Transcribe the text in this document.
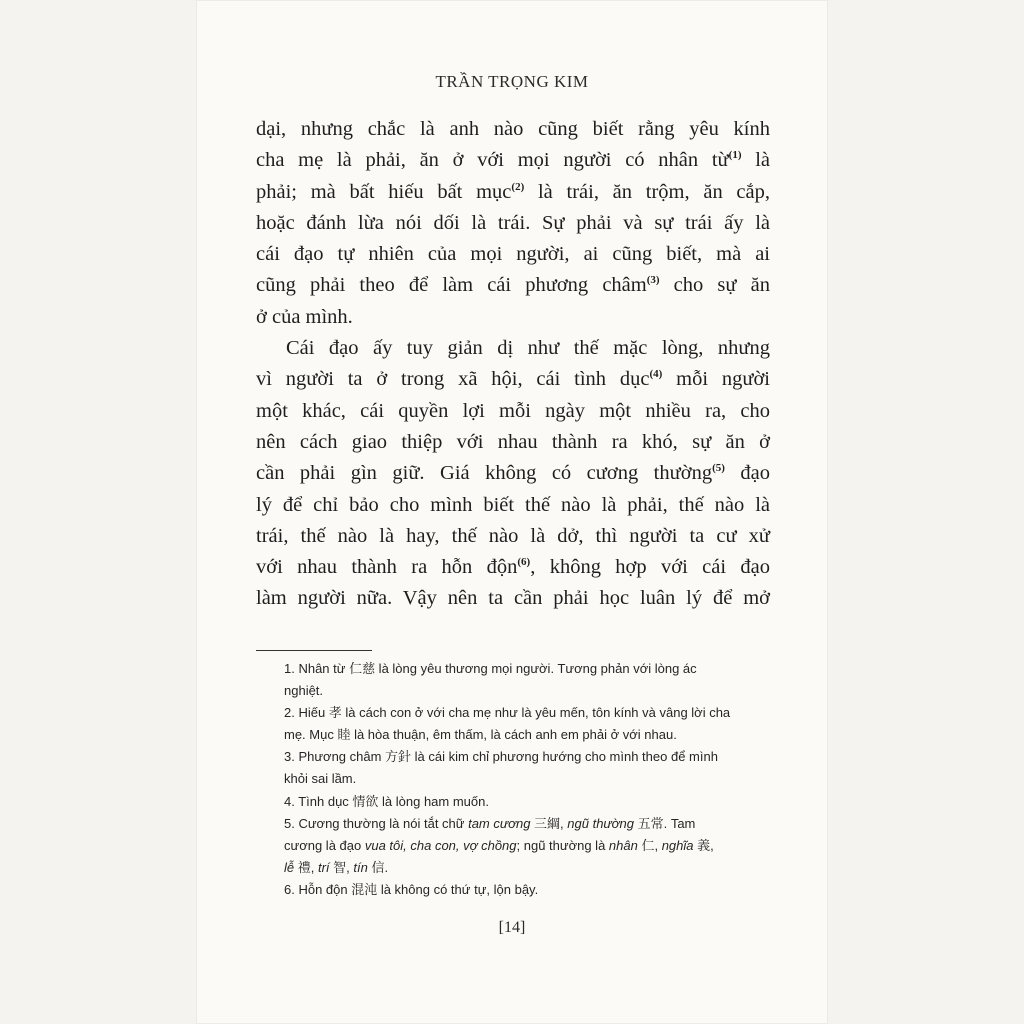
TRẦN TRỌNG KIM
dại, nhưng chắc là anh nào cũng biết rằng yêu kính
cha mẹ là phải, ăn ở với mọi người có nhân từ$^{(1)}$ là
phải; mà bất hiếu bất mục$^{(2)}$ là trái, ăn trộm, ăn cắp,
hoặc đánh lừa nói dối là trái. Sự phải và sự trái ấy là
cái đạo tự nhiên của mọi người, ai cũng biết, mà ai
cũng phải theo để làm cái phương châm$^{(3)}$ cho sự ăn
ở của mình.
Cái đạo ấy tuy giản dị như thế mặc lòng, nhưng
vì người ta ở trong xã hội, cái tình dục$^{(4)}$ mỗi người
một khác, cái quyền lợi mỗi ngày một nhiều ra, cho
nên cách giao thiệp với nhau thành ra khó, sự ăn ở
cần phải gìn giữ. Giá không có cương thường$^{(5)}$ đạo
lý để chỉ bảo cho mình biết thế nào là phải, thế nào là
trái, thế nào là hay, thế nào là dở, thì người ta cư xử
với nhau thành ra hỗn độn$^{(6)}$, không hợp với cái đạo
làm người nữa. Vậy nên ta cần phải học luân lý để mở
1. Nhân từ 仁慈 là lòng yêu thương mọi người. Tương phản với lòng ác
nghiệt.
2. Hiếu 孝 là cách con ở với cha mẹ như là yêu mến, tôn kính và vâng lời cha
mẹ. Mục 睦 là hòa thuận, êm thấm, là cách anh em phải ở với nhau.
3. Phương châm 方針 là cái kim chỉ phương hướng cho mình theo để mình
khỏi sai lầm.
4. Tình dục 情欲 là lòng ham muốn.
5. Cương thường là nói tắt chữ tam cương 三綱, ngũ thường 五常. Tam
cương là đạo vua tôi, cha con, vợ chồng; ngũ thường là nhân 仁, nghĩa 義,
lễ 禮, trí 智, tín 信.
6. Hỗn độn 混沌 là không có thứ tự, lộn bậy.
[14]
